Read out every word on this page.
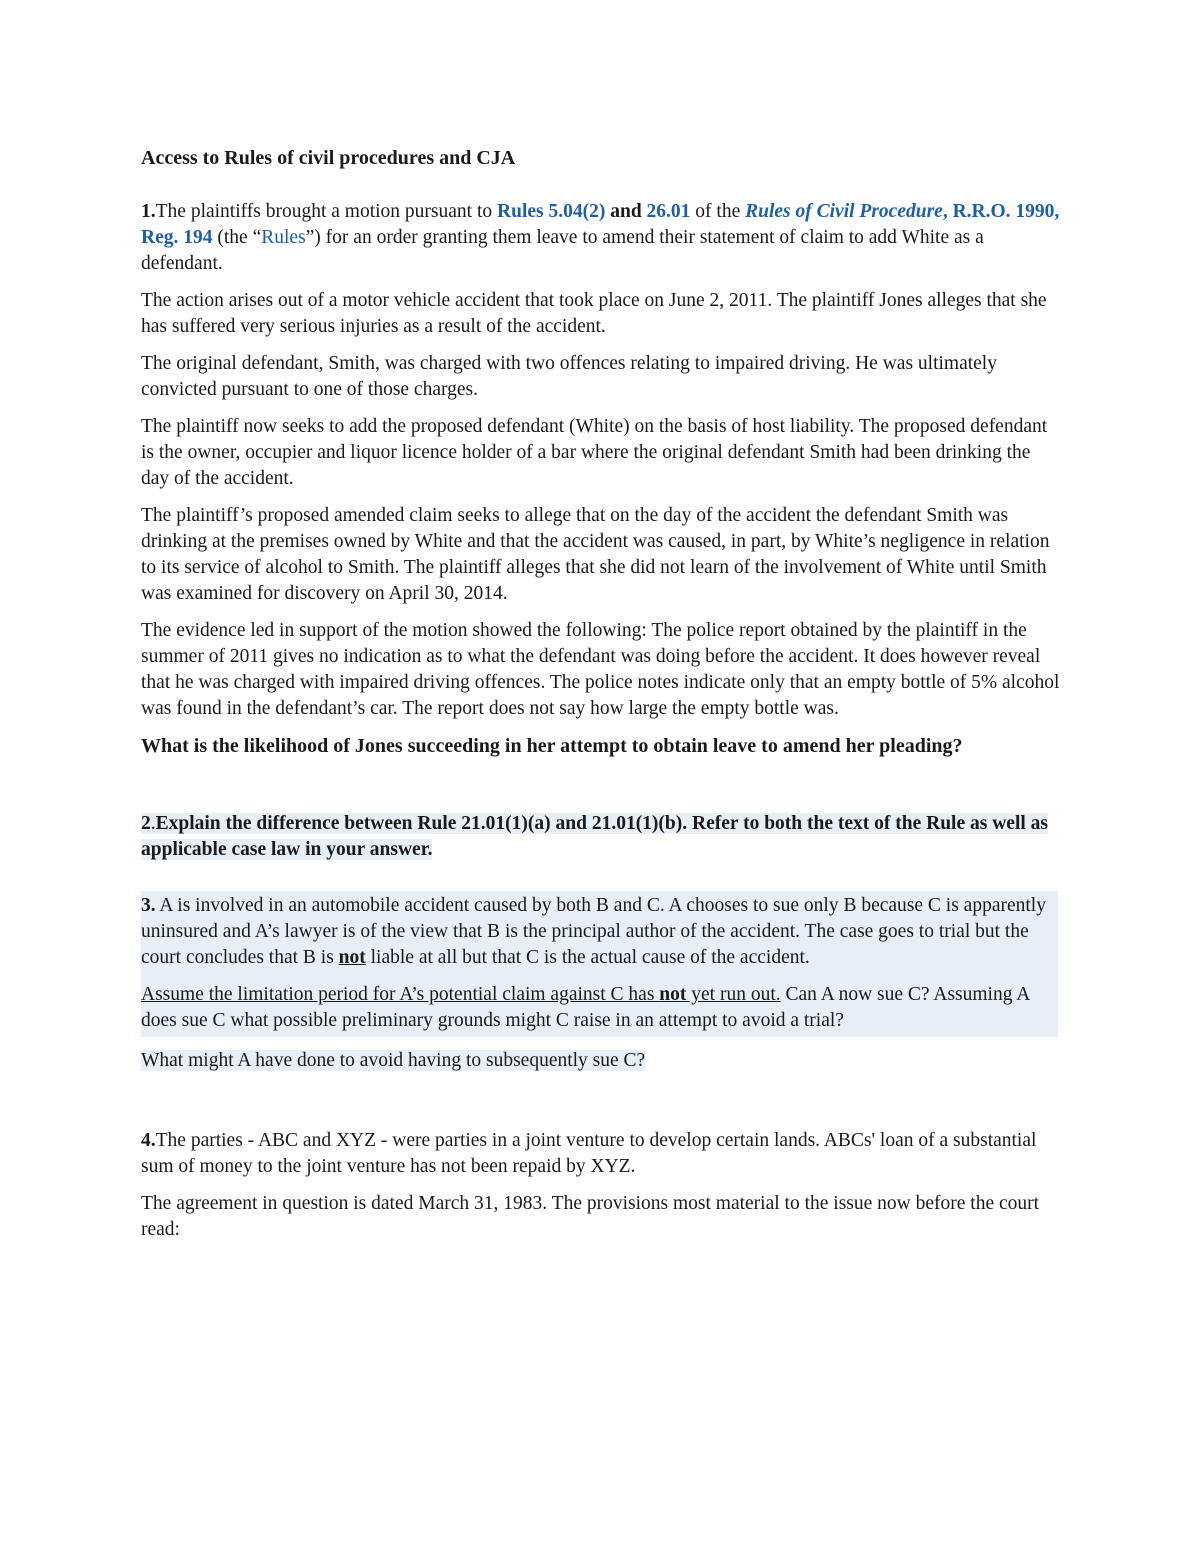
Access to Rules of civil procedures and CJA

1.The plaintiffs brought a motion pursuant to Rules 5.04(2) and 26.01 of the Rules of Civil Procedure, R.R.O. 1990, Reg. 194 (the “Rules”) for an order granting them leave to amend their statement of claim to add White as a defendant.

The action arises out of a motor vehicle accident that took place on June 2, 2011. The plaintiff Jones alleges that she has suffered very serious injuries as a result of the accident.

The original defendant, Smith, was charged with two offences relating to impaired driving. He was ultimately convicted pursuant to one of those charges.

The plaintiff now seeks to add the proposed defendant (White) on the basis of host liability. The proposed defendant is the owner, occupier and liquor licence holder of a bar where the original defendant Smith had been drinking the day of the accident.

The plaintiff’s proposed amended claim seeks to allege that on the day of the accident the defendant Smith was drinking at the premises owned by White and that the accident was caused, in part, by White’s negligence in relation to its service of alcohol to Smith. The plaintiff alleges that she did not learn of the involvement of White until Smith was examined for discovery on April 30, 2014.

The evidence led in support of the motion showed the following: The police report obtained by the plaintiff in the summer of 2011 gives no indication as to what the defendant was doing before the accident. It does however reveal that he was charged with impaired driving offences. The police notes indicate only that an empty bottle of 5% alcohol was found in the defendant’s car. The report does not say how large the empty bottle was.

What is the likelihood of Jones succeeding in her attempt to obtain leave to amend her pleading?

2.Explain the difference between Rule 21.01(1)(a) and 21.01(1)(b). Refer to both the text of the Rule as well as applicable case law in your answer.

3. A is involved in an automobile accident caused by both B and C. A chooses to sue only B because C is apparently uninsured and A’s lawyer is of the view that B is the principal author of the accident. The case goes to trial but the court concludes that B is not liable at all but that C is the actual cause of the accident.

Assume the limitation period for A’s potential claim against C has not yet run out. Can A now sue C? Assuming A does sue C what possible preliminary grounds might C raise in an attempt to avoid a trial?

What might A have done to avoid having to subsequently sue C?

4.The parties - ABC and XYZ - were parties in a joint venture to develop certain lands. ABCs' loan of a substantial sum of money to the joint venture has not been repaid by XYZ.

The agreement in question is dated March 31, 1983. The provisions most material to the issue now before the court read:
